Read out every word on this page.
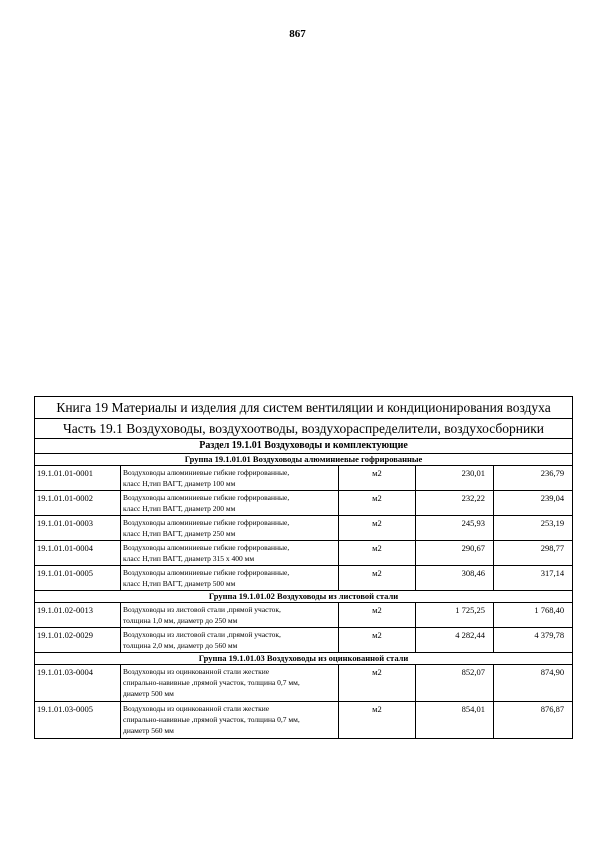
867
Книга 19 Материалы и изделия для систем вентиляции и кондиционирования воздуха				
Часть 19.1 Воздуховоды, воздухоотводы, воздухораспределители, воздухосборники				
Раздел 19.1.01 Воздуховоды и комплектующие				
Группа 19.1.01.01 Воздуховоды алюминиевые гофрированные				
19.1.01.01-0001	Воздуховоды алюминиевые гибкие гофрированные,
класс Н,тип ВАГТ, диаметр 100 мм	м2	230,01	236,79
19.1.01.01-0002	Воздуховоды алюминиевые гибкие гофрированные,
класс Н,тип ВАГТ, диаметр 200 мм	м2	232,22	239,04
19.1.01.01-0003	Воздуховоды алюминиевые гибкие гофрированные,
класс Н,тип ВАГТ, диаметр 250 мм	м2	245,93	253,19
19.1.01.01-0004	Воздуховоды алюминиевые гибкие гофрированные,
класс Н,тип ВАГТ, диаметр 315 х 400 мм	м2	290,67	298,77
19.1.01.01-0005	Воздуховоды алюминиевые гибкие гофрированные,
класс Н,тип ВАГТ, диаметр 500 мм	м2	308,46	317,14
Группа 19.1.01.02 Воздуховоды из листовой стали				
19.1.01.02-0013	Воздуховоды из листовой стали ,прямой участок,
толщина 1,0 мм, диаметр до 250 мм	м2	1 725,25	1 768,40
19.1.01.02-0029	Воздуховоды из листовой стали ,прямой участок,
толщина 2,0 мм, диаметр до 560 мм	м2	4 282,44	4 379,78
Группа 19.1.01.03 Воздуховоды из оцинкованной стали				
19.1.01.03-0004	Воздуховоды из оцинкованной стали жесткие
спирально-навивные ,прямой участок, толщина 0,7 мм,
диаметр 500 мм	м2	852,07	874,90
19.1.01.03-0005	Воздуховоды из оцинкованной стали жесткие
спирально-навивные ,прямой участок, толщина 0,7 мм,
диаметр 560 мм	м2	854,01	876,87
